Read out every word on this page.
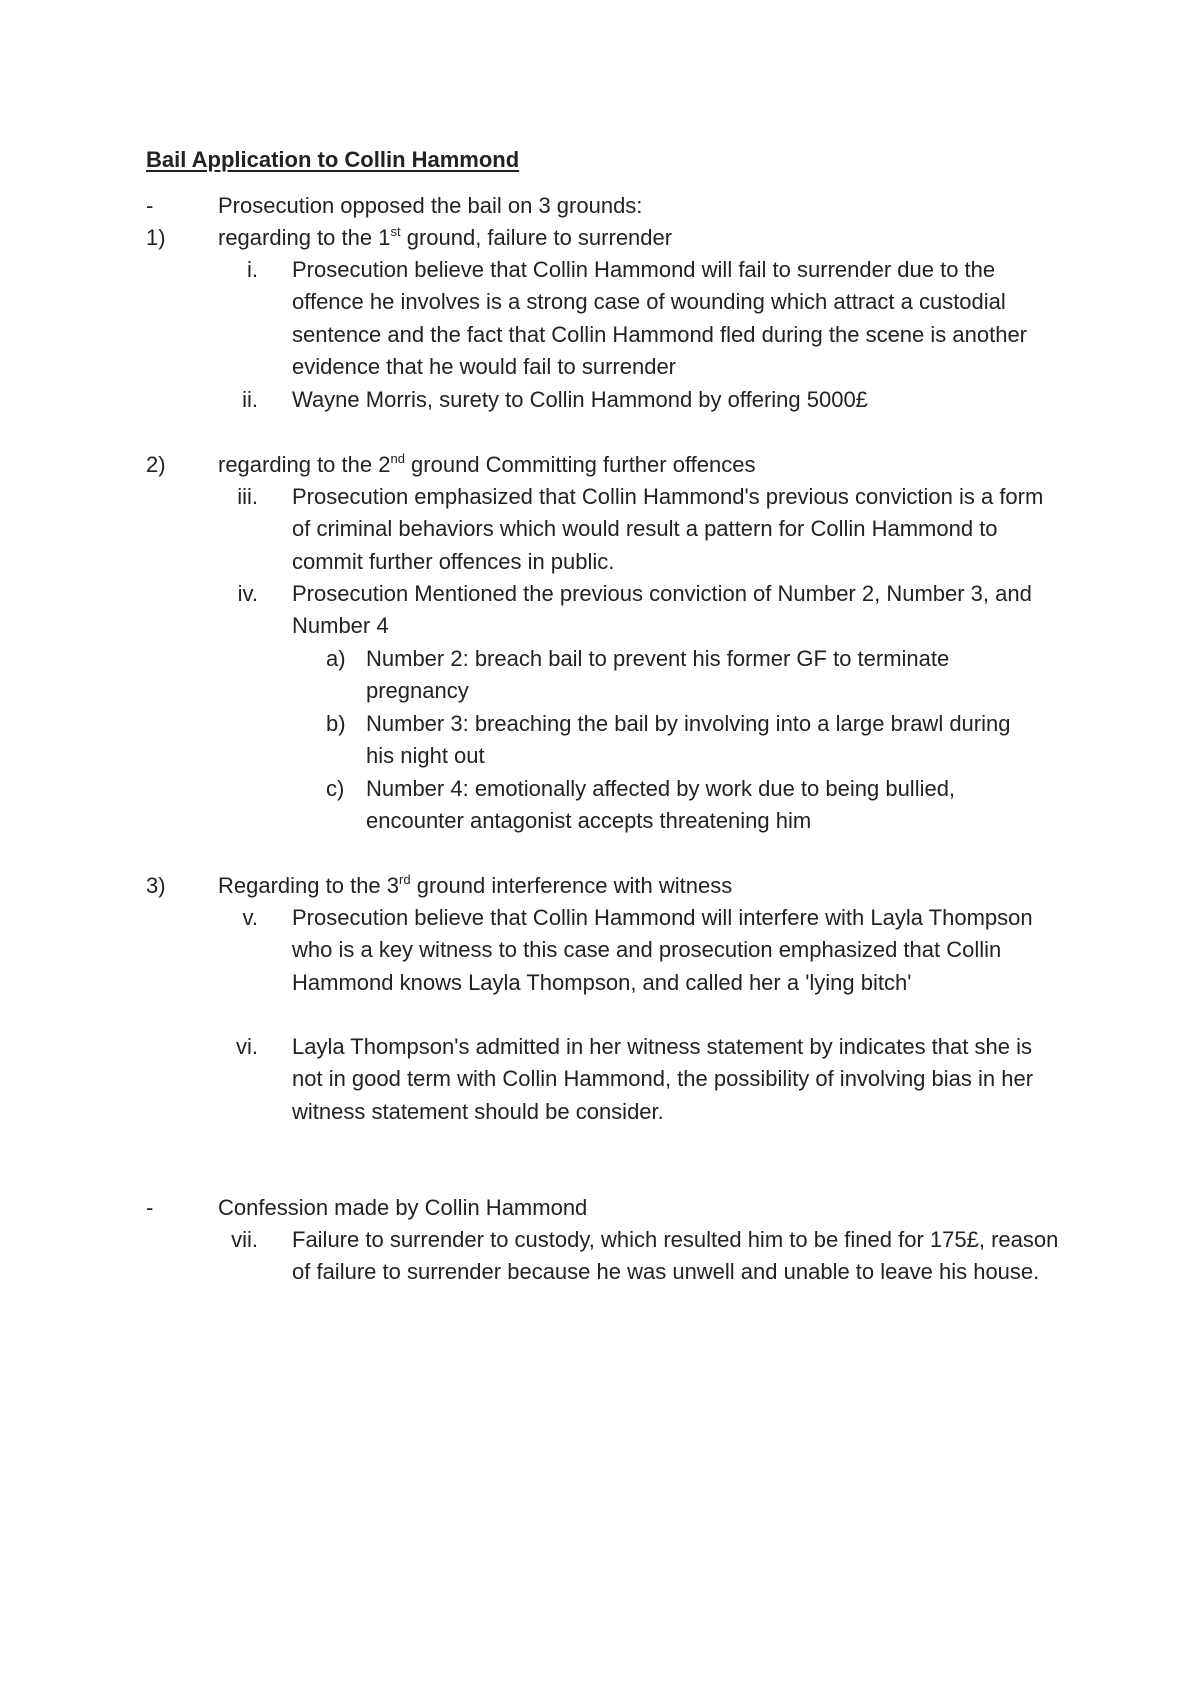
Bail Application to Collin Hammond
-	Prosecution opposed the bail on 3 grounds:
1)	regarding to the 1st ground, failure to surrender
i. Prosecution believe that Collin Hammond will fail to surrender due to the offence he involves is a strong case of wounding which attract a custodial sentence and the fact that Collin Hammond fled during the scene is another evidence that he would fail to surrender
ii. Wayne Morris, surety to Collin Hammond by offering 5000£
2)	regarding to the 2nd ground Committing further offences
iii. Prosecution emphasized that Collin Hammond's previous conviction is a form of criminal behaviors which would result a pattern for Collin Hammond to commit further offences in public.
iv. Prosecution Mentioned the previous conviction of Number 2, Number 3, and Number 4
a) Number 2: breach bail to prevent his former GF to terminate pregnancy
b) Number 3: breaching the bail by involving into a large brawl during his night out
c) Number 4: emotionally affected by work due to being bullied, encounter antagonist accepts threatening him
3)	Regarding to the 3rd ground interference with witness
v. Prosecution believe that Collin Hammond will interfere with Layla Thompson who is a key witness to this case and prosecution emphasized that Collin Hammond knows Layla Thompson, and called her a 'lying bitch'
vi. Layla Thompson's admitted in her witness statement by indicates that she is not in good term with Collin Hammond, the possibility of involving bias in her witness statement should be consider.
-	Confession made by Collin Hammond
vii. Failure to surrender to custody, which resulted him to be fined for 175£, reason of failure to surrender because he was unwell and unable to leave his house.
